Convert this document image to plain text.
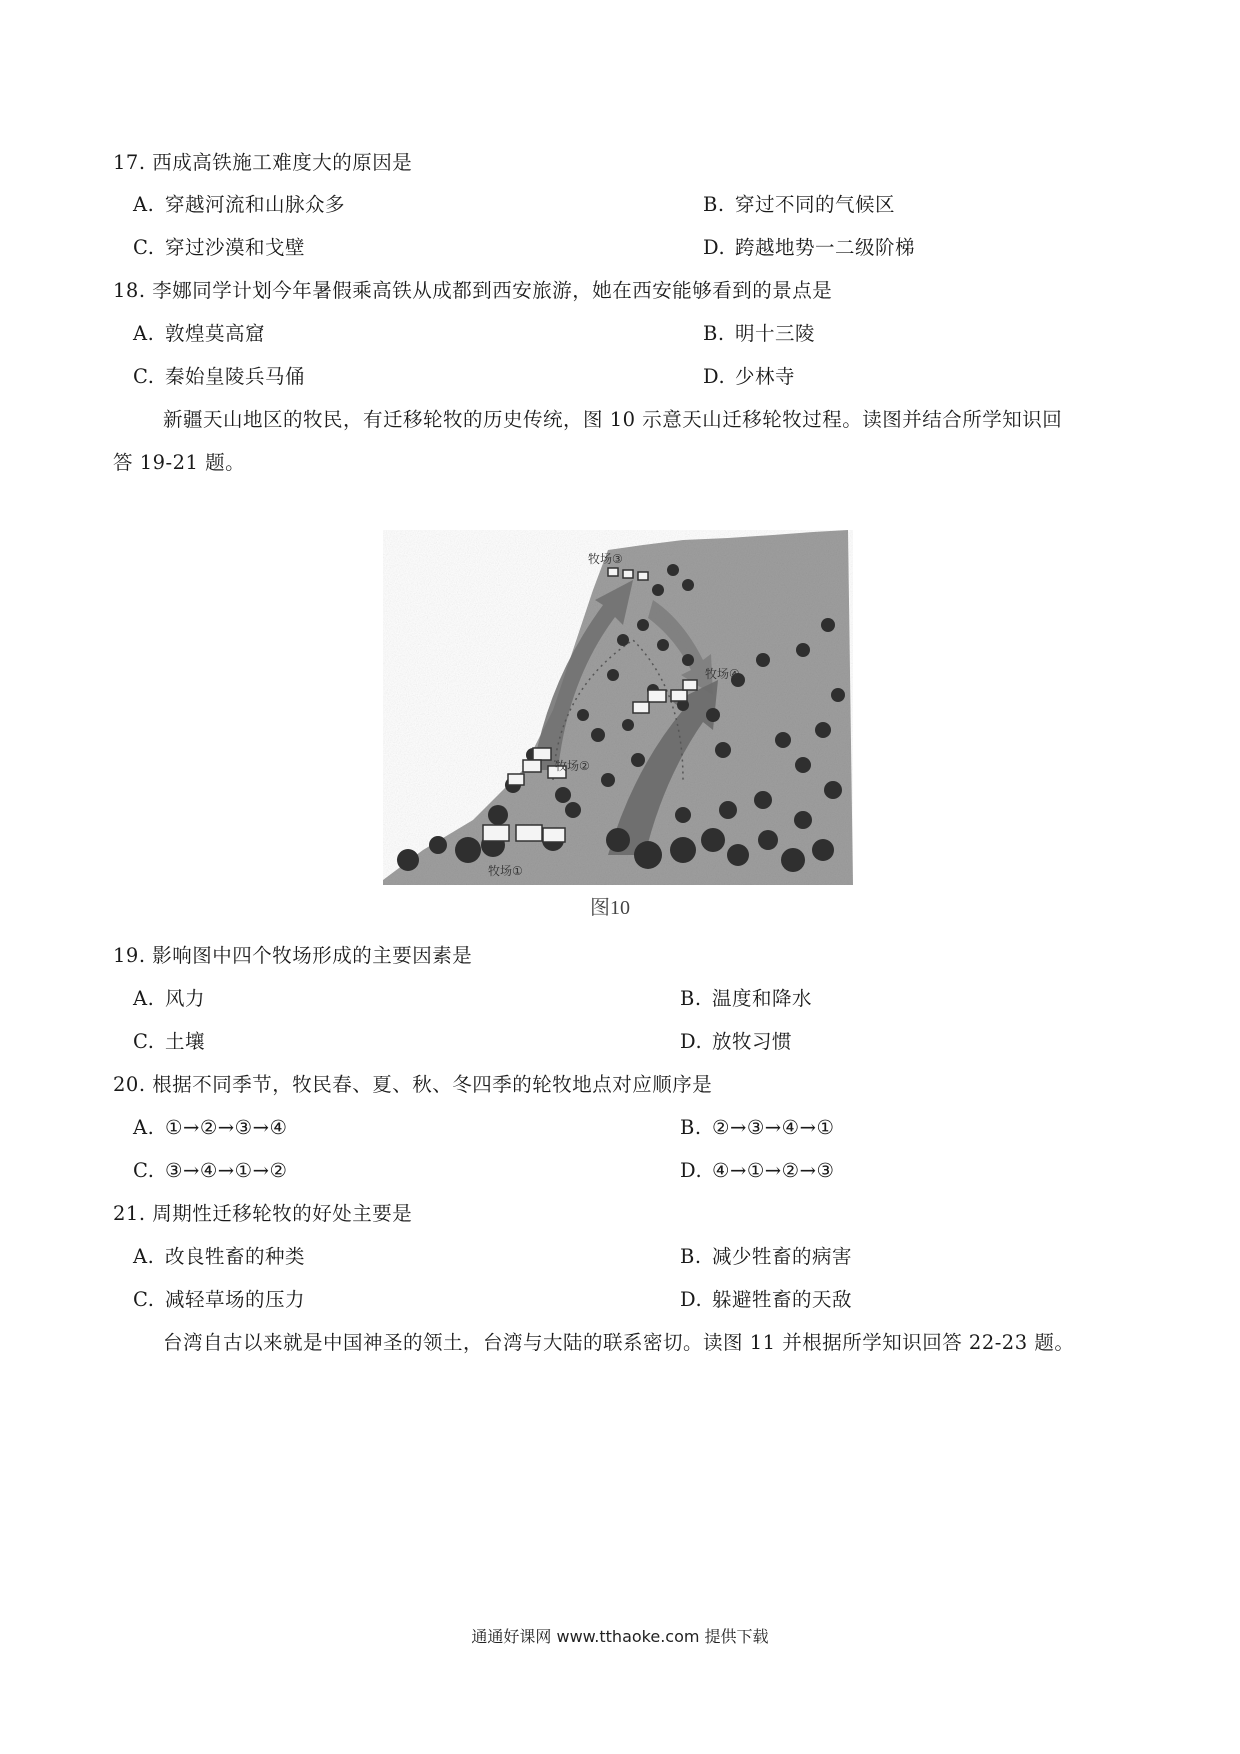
17. 西成高铁施工难度大的原因是
A. 穿越河流和山脉众多	B. 穿过不同的气候区
C. 穿过沙漠和戈壁	D. 跨越地势一二级阶梯
18. 李娜同学计划今年暑假乘高铁从成都到西安旅游，她在西安能够看到的景点是
A. 敦煌莫高窟	B. 明十三陵
C. 秦始皇陵兵马俑	D. 少林寺
新疆天山地区的牧民，有迁移轮牧的历史传统，图 10 示意天山迁移轮牧过程。读图并结合所学知识回
答 19-21 题。
牧场①
牧场②
牧场③
牧场④
图10
19. 影响图中四个牧场形成的主要因素是
A. 风力	B. 温度和降水
C. 土壤	D. 放牧习惯
20. 根据不同季节，牧民春、夏、秋、冬四季的轮牧地点对应顺序是
A. ①→②→③→④	B. ②→③→④→①
C. ③→④→①→②	D. ④→①→②→③
21. 周期性迁移轮牧的好处主要是
A. 改良牲畜的种类	B. 减少牲畜的病害
C. 减轻草场的压力	D. 躲避牲畜的天敌
台湾自古以来就是中国神圣的领土，台湾与大陆的联系密切。读图 11 并根据所学知识回答 22-23 题。
通通好课网 www.tthaoke.com 提供下载
